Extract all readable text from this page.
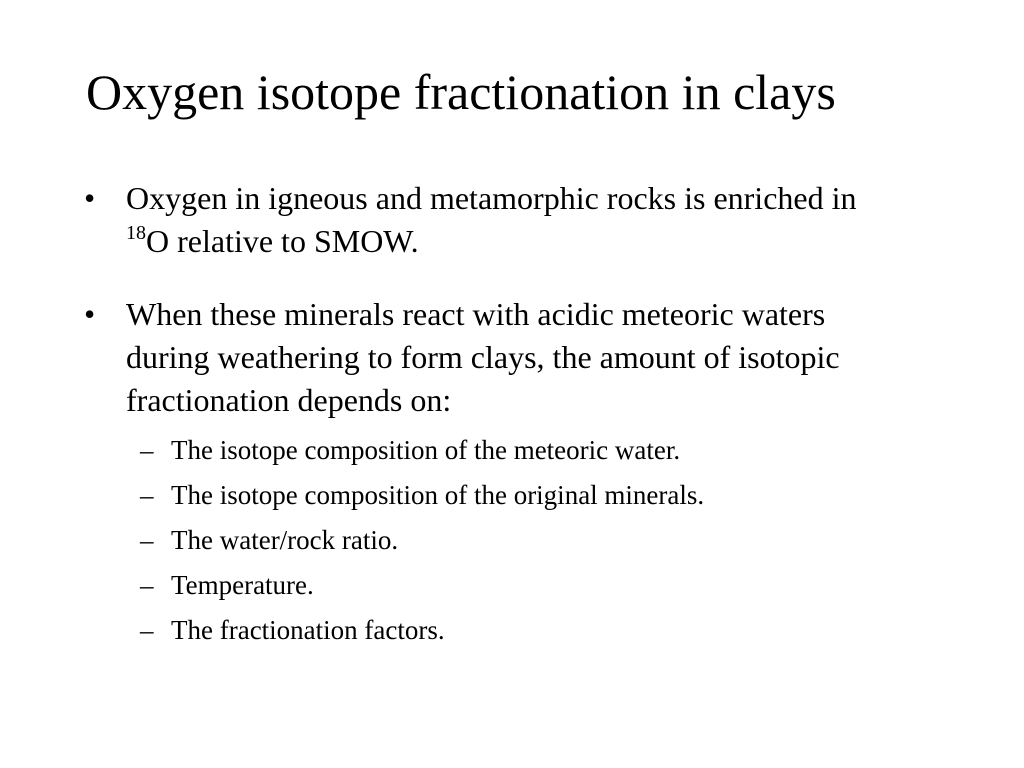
Oxygen isotope fractionation in clays
• Oxygen in igneous and metamorphic rocks is enriched in $^{18}$O relative to SMOW.
• When these minerals react with acidic meteoric waters during weathering to form clays, the amount of isotopic fractionation depends on:
– The isotope composition of the meteoric water.
– The isotope composition of the original minerals.
– The water/rock ratio.
– Temperature.
– The fractionation factors.
